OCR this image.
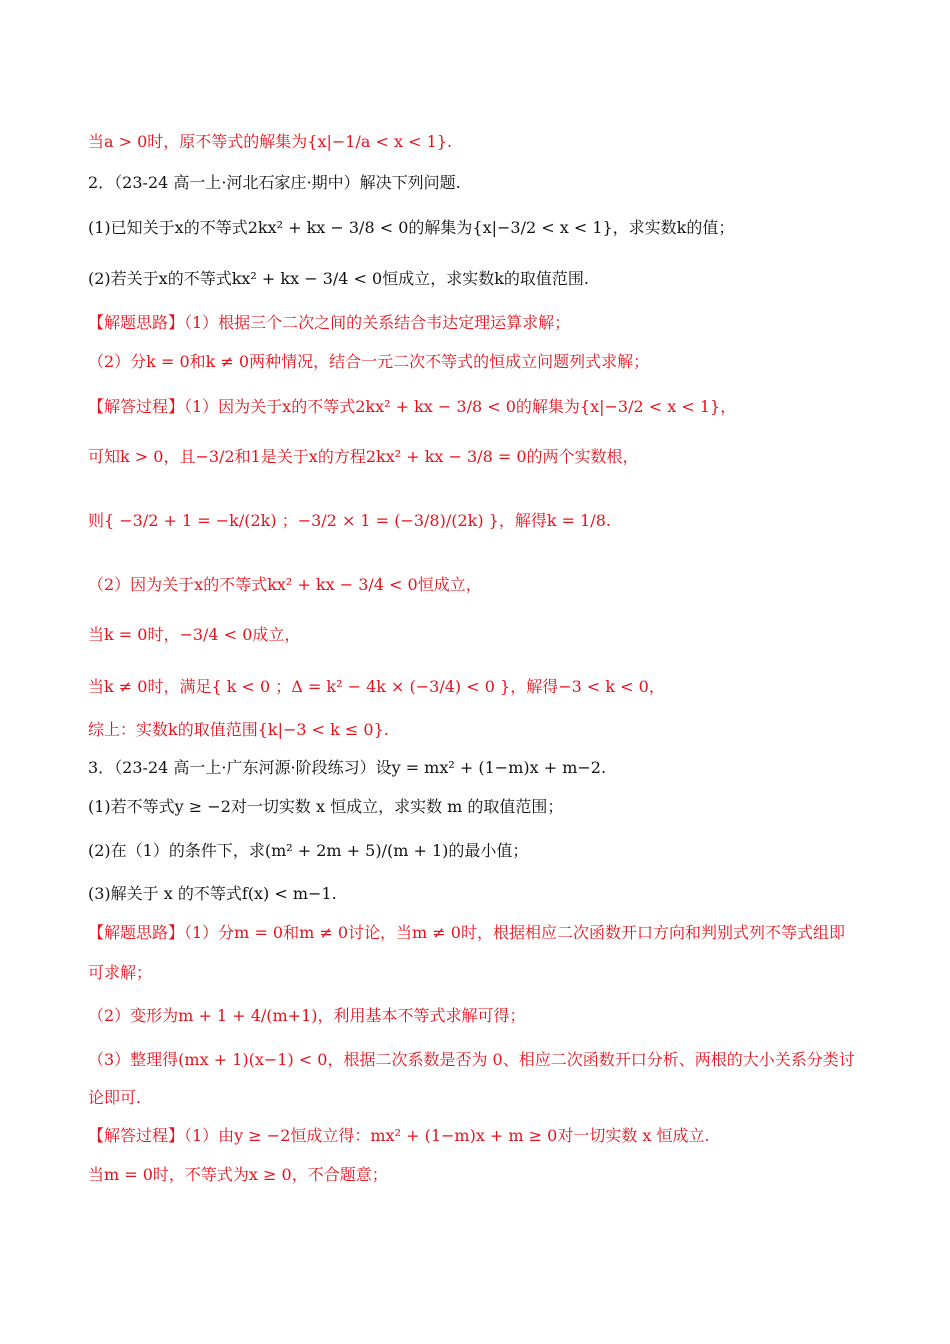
当a > 0时，原不等式的解集为{x|−1/a < x < 1}.
2．（23-24 高一上·河北石家庄·期中）解决下列问题.
(1)已知关于x的不等式2kx² + kx − 3/8 < 0的解集为{x|−3/2 < x < 1}，求实数k的值；
(2)若关于x的不等式kx² + kx − 3/4 < 0恒成立，求实数k的取值范围.
【解题思路】（1）根据三个二次之间的关系结合韦达定理运算求解；
（2）分k = 0和k ≠ 0两种情况，结合一元二次不等式的恒成立问题列式求解；
【解答过程】（1）因为关于x的不等式2kx² + kx − 3/8 < 0的解集为{x|−3/2 < x < 1}，
可知k > 0，且−3/2和1是关于x的方程2kx² + kx − 3/8 = 0的两个实数根，
则{ −3/2 + 1 = −k/(2k) ；−3/2 × 1 = (−3/8)/(2k) }，解得k = 1/8.
（2）因为关于x的不等式kx² + kx − 3/4 < 0恒成立，
当k = 0时，−3/4 < 0成立，
当k ≠ 0时，满足{ k < 0 ；Δ = k² − 4k × (−3/4) < 0 }，解得−3 < k < 0，
综上：实数k的取值范围{k|−3 < k ≤ 0}.
3．（23-24 高一上·广东河源·阶段练习）设y = mx² + (1−m)x + m−2.
(1)若不等式y ≥ −2对一切实数 x 恒成立，求实数 m 的取值范围；
(2)在（1）的条件下，求(m² + 2m + 5)/(m + 1)的最小值；
(3)解关于 x 的不等式f(x) < m−1.
【解题思路】（1）分m = 0和m ≠ 0讨论，当m ≠ 0时，根据相应二次函数开口方向和判别式列不等式组即
可求解；
（2）变形为m + 1 + 4/(m+1)，利用基本不等式求解可得；
（3）整理得(mx + 1)(x−1) < 0，根据二次系数是否为 0、相应二次函数开口分析、两根的大小关系分类讨
论即可.
【解答过程】（1）由y ≥ −2恒成立得：mx² + (1−m)x + m ≥ 0对一切实数 x 恒成立.
当m = 0时，不等式为x ≥ 0，不合题意；
